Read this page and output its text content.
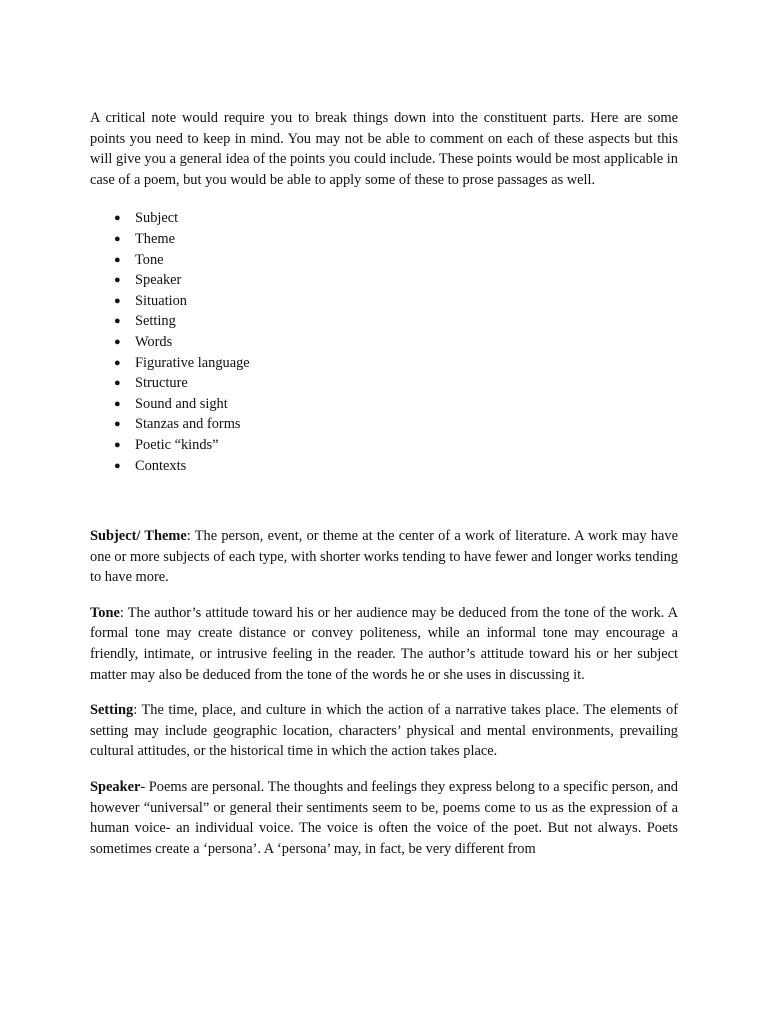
A critical note would require you to break things down into the constituent parts. Here are some points you need to keep in mind. You may not be able to comment on each of these aspects but this will give you a general idea of the points you could include. These points would be most applicable in case of a poem, but you would be able to apply some of these to prose passages as well.

● Subject
● Theme
● Tone
● Speaker
● Situation
● Setting
● Words
● Figurative language
● Structure
● Sound and sight
● Stanzas and forms
● Poetic “kinds”
● Contexts

Subject/ Theme: The person, event, or theme at the center of a work of literature. A work may have one or more subjects of each type, with shorter works tending to have fewer and longer works tending to have more.

Tone: The author’s attitude toward his or her audience may be deduced from the tone of the work. A formal tone may create distance or convey politeness, while an informal tone may encourage a friendly, intimate, or intrusive feeling in the reader. The author’s attitude toward his or her subject matter may also be deduced from the tone of the words he or she uses in discussing it.

Setting: The time, place, and culture in which the action of a narrative takes place. The elements of setting may include geographic location, characters’ physical and mental environments, prevailing cultural attitudes, or the historical time in which the action takes place.

Speaker- Poems are personal. The thoughts and feelings they express belong to a specific person, and however “universal” or general their sentiments seem to be, poems come to us as the expression of a human voice- an individual voice. The voice is often the voice of the poet. But not always. Poets sometimes create a ‘persona’. A ‘persona’ may, in fact, be very different from
